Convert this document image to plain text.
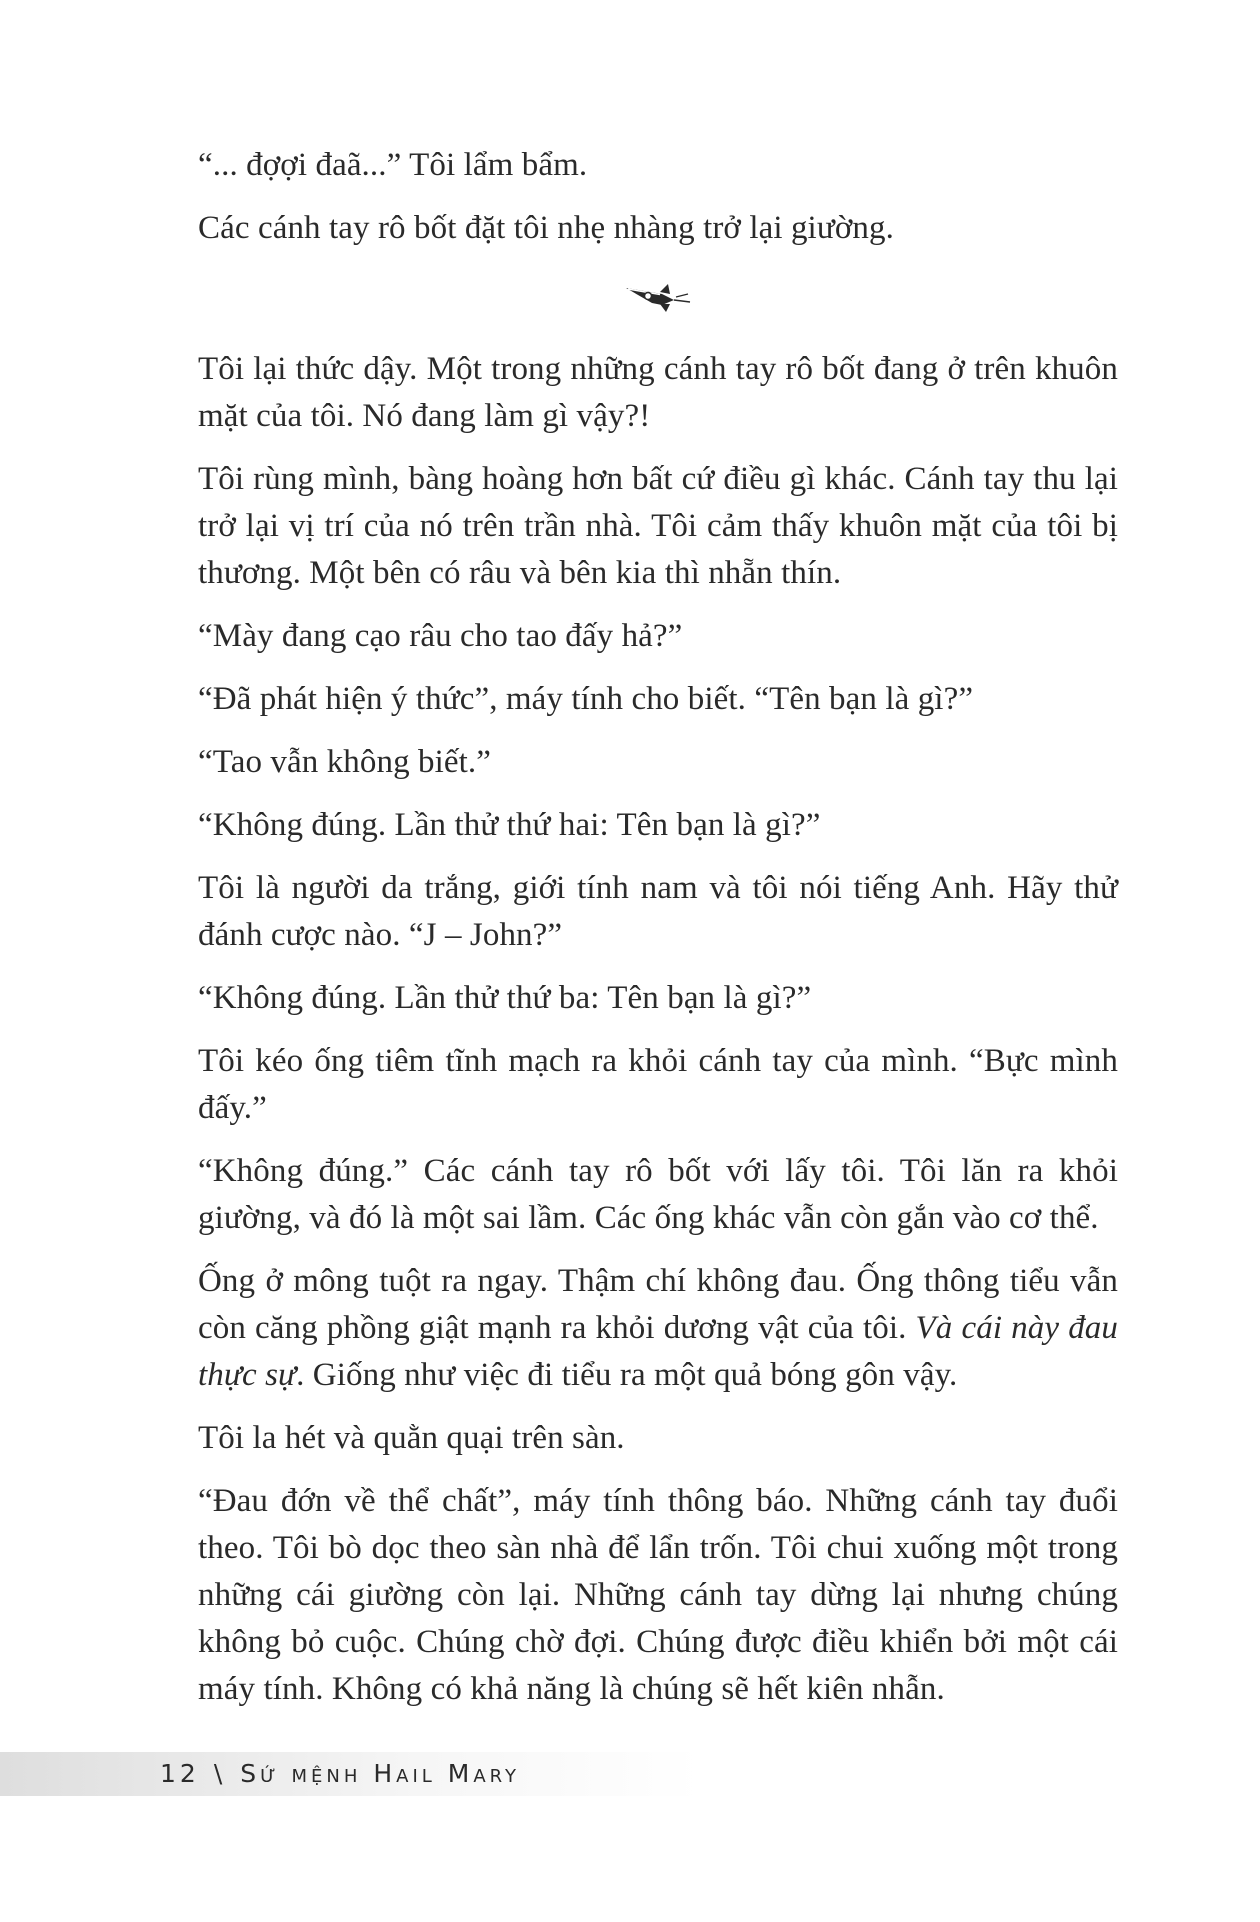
“... đợợi đaã...” Tôi lẩm bẩm.

Các cánh tay rô bốt đặt tôi nhẹ nhàng trở lại giường.

Tôi lại thức dậy. Một trong những cánh tay rô bốt đang ở trên khuôn mặt của tôi. Nó đang làm gì vậy?!

Tôi rùng mình, bàng hoàng hơn bất cứ điều gì khác. Cánh tay thu lại trở lại vị trí của nó trên trần nhà. Tôi cảm thấy khuôn mặt của tôi bị thương. Một bên có râu và bên kia thì nhẵn thín.

“Mày đang cạo râu cho tao đấy hả?”

“Đã phát hiện ý thức”, máy tính cho biết. “Tên bạn là gì?”

“Tao vẫn không biết.”

“Không đúng. Lần thử thứ hai: Tên bạn là gì?”

Tôi là người da trắng, giới tính nam và tôi nói tiếng Anh. Hãy thử đánh cược nào. “J – John?”

“Không đúng. Lần thử thứ ba: Tên bạn là gì?”

Tôi kéo ống tiêm tĩnh mạch ra khỏi cánh tay của mình. “Bực mình đấy.”

“Không đúng.” Các cánh tay rô bốt với lấy tôi. Tôi lăn ra khỏi giường, và đó là một sai lầm. Các ống khác vẫn còn gắn vào cơ thể.

Ống ở mông tuột ra ngay. Thậm chí không đau. Ống thông tiểu vẫn còn căng phồng giật mạnh ra khỏi dương vật của tôi. Và cái này đau thực sự. Giống như việc đi tiểu ra một quả bóng gôn vậy.

Tôi la hét và quằn quại trên sàn.

“Đau đớn về thể chất”, máy tính thông báo. Những cánh tay đuổi theo. Tôi bò dọc theo sàn nhà để lẩn trốn. Tôi chui xuống một trong những cái giường còn lại. Những cánh tay dừng lại nhưng chúng không bỏ cuộc. Chúng chờ đợi. Chúng được điều khiển bởi một cái máy tính. Không có khả năng là chúng sẽ hết kiên nhẫn.

12 \ Sứ mệnh Hail Mary
